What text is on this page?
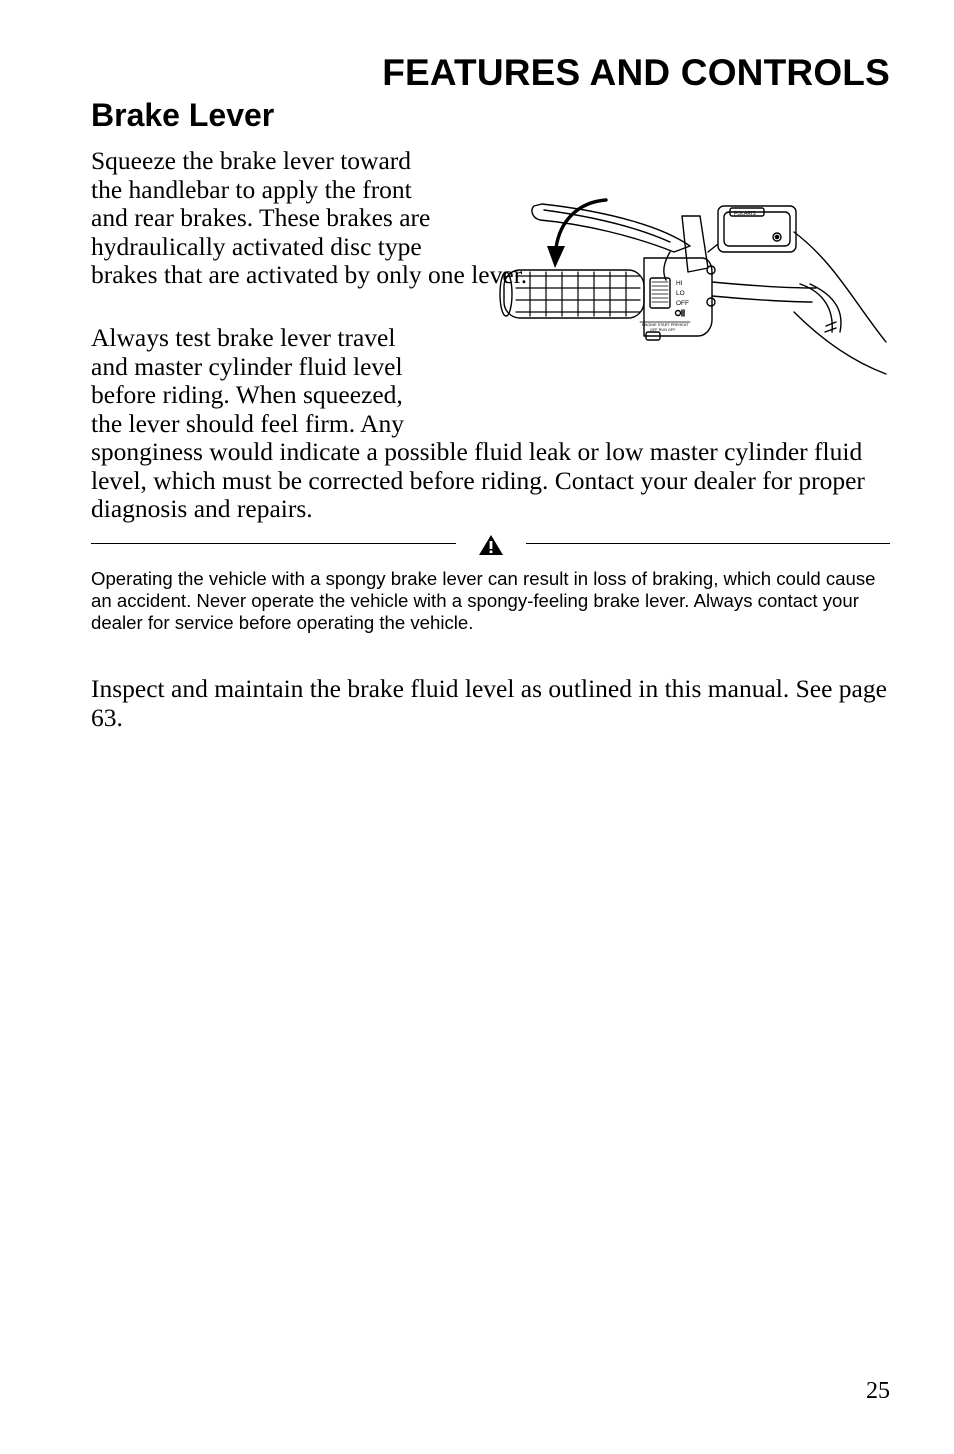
FEATURES AND CONTROLS
Brake Lever

Squeeze the brake lever toward the handlebar to apply the front and rear brakes. These brakes are hydraulically activated disc type brakes that are activated by only one lever.

Always test brake lever travel and master cylinder fluid level before riding. When squeezed, the lever should feel firm. Any sponginess would indicate a possible fluid leak or low master cylinder fluid level, which must be corrected before riding. Contact your dealer for proper diagnosis and repairs.

POLARIS
HI
LO
OFF
ENGINE START PREHEAT
OFF RUN OFF

Operating the vehicle with a spongy brake lever can result in loss of braking, which could cause an accident. Never operate the vehicle with a spongy-feeling brake lever. Always contact your dealer for service before operating the vehicle.

Inspect and maintain the brake fluid level as outlined in this manual. See page 63.

25
